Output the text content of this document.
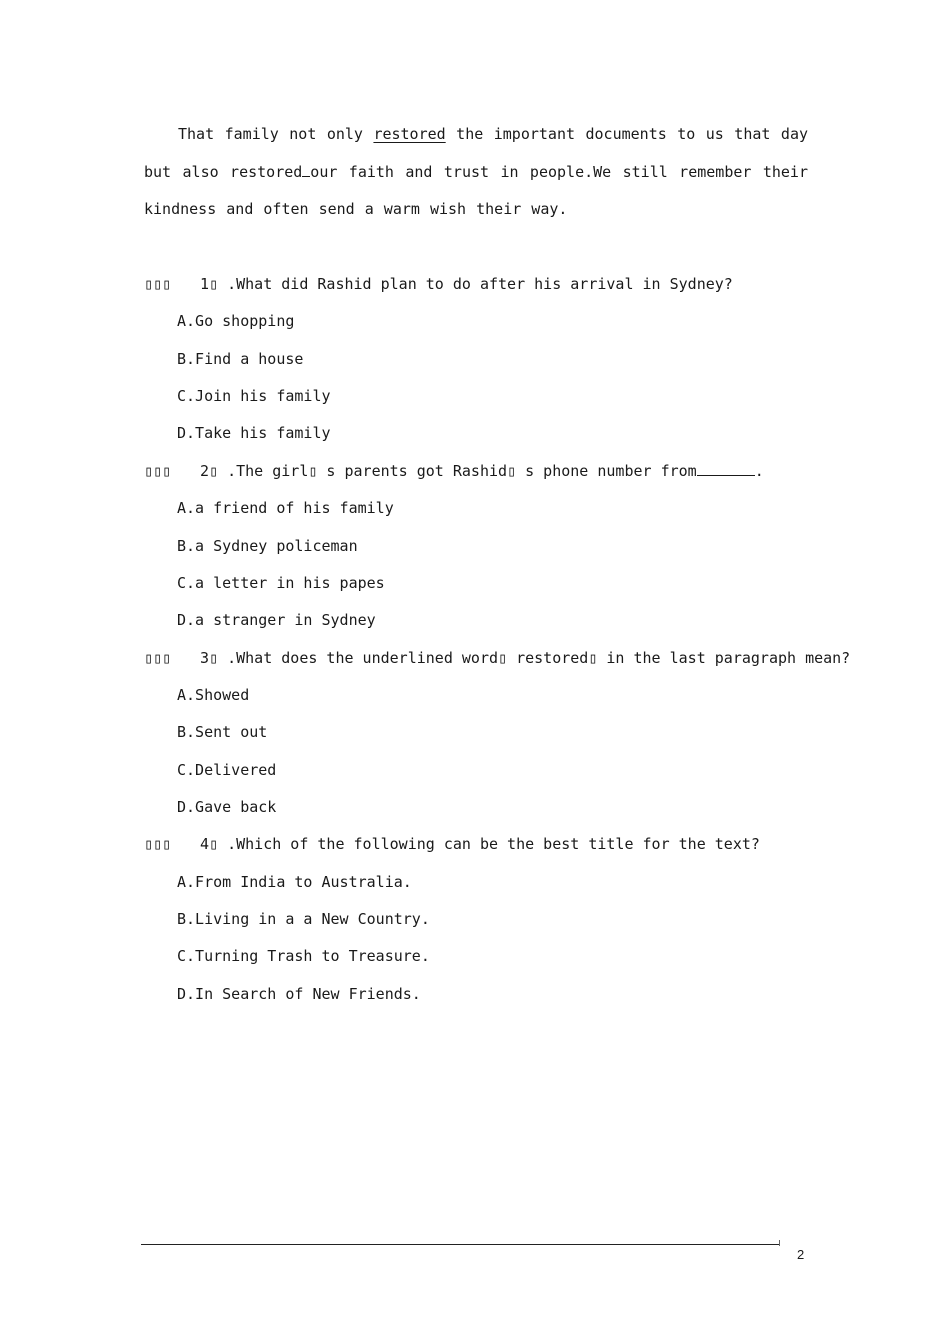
That family not only restored the important documents to us that day but also restored our faith and trust in people.We still remember their kindness and often send a warm wish their way.
▯▯▯ 1▯ .What did Rashid plan to do after his arrival in Sydney?
A.Go shopping
B.Find a house
C.Join his family
D.Take his family
▯▯▯ 2▯ .The girl▯ s parents got Rashid▯ s phone number from	.
A.a friend of his family
B.a Sydney policeman
C.a letter in his papes
D.a stranger in Sydney
▯▯▯ 3▯ .What does the underlined word▯ restored▯ in the last paragraph mean?
A.Showed
B.Sent out
C.Delivered
D.Gave back
▯▯▯ 4▯ .Which of the following can be the best title for the text?
A.From India to Australia.
B.Living in a a New Country.
C.Turning Trash to Treasure.
D.In Search of New Friends.
2
